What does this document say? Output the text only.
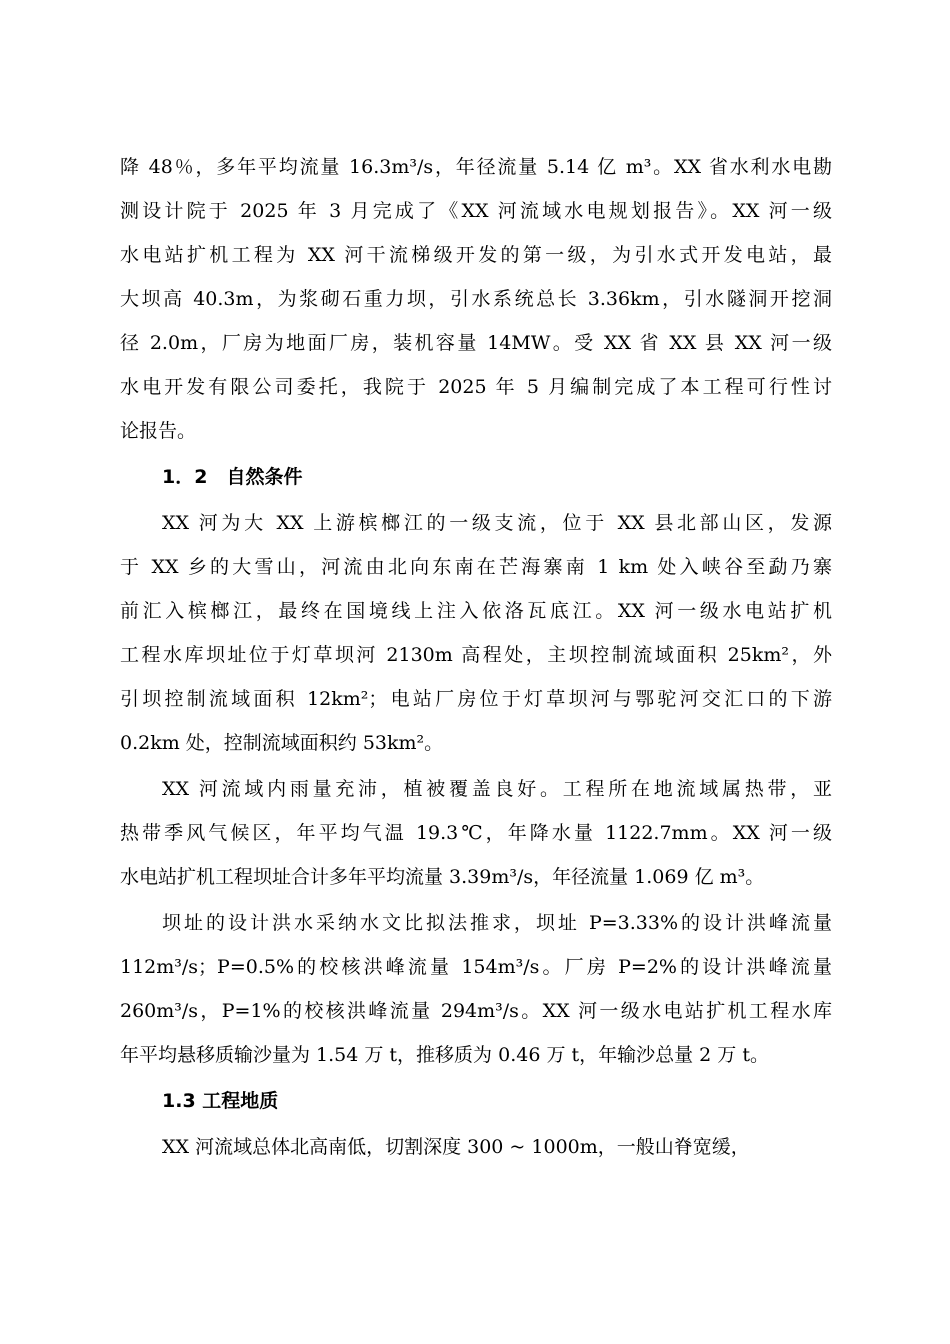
降 48％，多年平均流量 16.3m³/s，年径流量 5.14 亿 m³。XX 省水利水电勘
测设计院于 2025 年 3 月完成了《XX 河流域水电规划报告》。XX 河一级
水电站扩机工程为 XX 河干流梯级开发的第一级，为引水式开发电站，最
大坝高 40.3m，为浆砌石重力坝，引水系统总长 3.36km，引水隧洞开挖洞
径 2.0m，厂房为地面厂房，装机容量 14MW。受 XX 省 XX 县 XX 河一级
水电开发有限公司委托，我院于 2025 年 5 月编制完成了本工程可行性讨
论报告。
1．2　自然条件
XX 河为大 XX 上游槟榔江的一级支流，位于 XX 县北部山区，发源
于 XX 乡的大雪山，河流由北向东南在芒海寨南 1 km 处入峡谷至勐乃寨
前汇入槟榔江，最终在国境线上注入依洛瓦底江。XX 河一级水电站扩机
工程水库坝址位于灯草坝河 2130m 高程处，主坝控制流域面积 25km²，外
引坝控制流域面积 12km²；电站厂房位于灯草坝河与鄂驼河交汇口的下游
0.2km 处，控制流域面积约 53km²。
XX 河流域内雨量充沛，植被覆盖良好。工程所在地流域属热带，亚
热带季风气候区，年平均气温 19.3℃，年降水量 1122.7mm。XX 河一级
水电站扩机工程坝址合计多年平均流量 3.39m³/s，年径流量 1.069 亿 m³。
坝址的设计洪水采纳水文比拟法推求，坝址 P=3.33%的设计洪峰流量
112m³/s；P=0.5%的校核洪峰流量 154m³/s。厂房 P=2%的设计洪峰流量
260m³/s，P=1%的校核洪峰流量 294m³/s。XX 河一级水电站扩机工程水库
年平均悬移质输沙量为 1.54 万 t，推移质为 0.46 万 t，年输沙总量 2 万 t。
1.3 工程地质
XX 河流域总体北高南低，切割深度 300 ~ 1000m，一般山脊宽缓，
